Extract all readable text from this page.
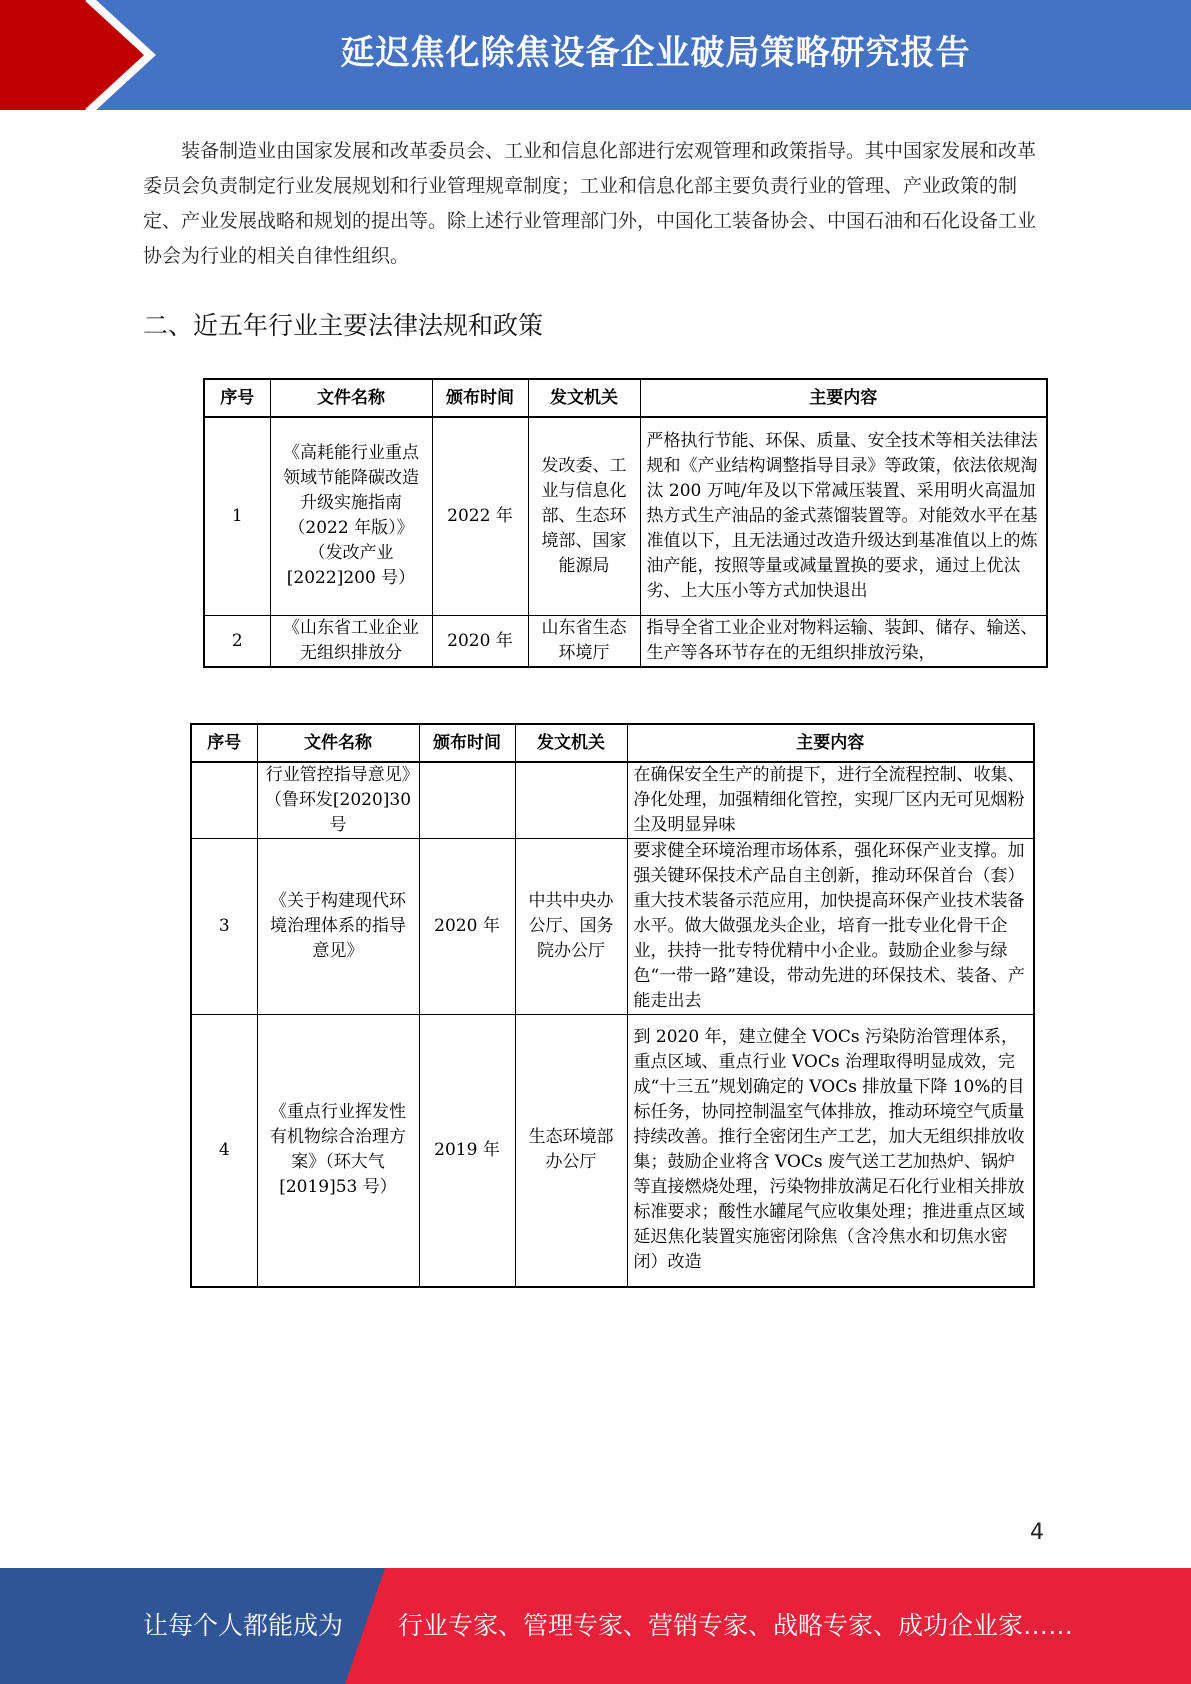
延迟焦化除焦设备企业破局策略研究报告

装备制造业由国家发展和改革委员会、工业和信息化部进行宏观管理和政策指导。其中国家发展和改革委员会负责制定行业发展规划和行业管理规章制度；工业和信息化部主要负责行业的管理、产业政策的制定、产业发展战略和规划的提出等。除上述行业管理部门外，中国化工装备协会、中国石油和石化设备工业协会为行业的相关自律性组织。

二、近五年行业主要法律法规和政策
序号	文件名称	颁布时间	发文机关	主要内容
1	《高耗能行业重点领域节能降碳改造升级实施指南（2022 年版）》（发改产业[2022]200 号）	2022 年	发改委、工业与信息化部、生态环境部、国家能源局	严格执行节能、环保、质量、安全技术等相关法律法规和《产业结构调整指导目录》等政策，依法依规淘汰 200 万吨/年及以下常减压装置、采用明火高温加热方式生产油品的釜式蒸馏装置等。对能效水平在基准值以下，且无法通过改造升级达到基准值以上的炼油产能，按照等量或减量置换的要求，通过上优汰劣、上大压小等方式加快退出

2	《山东省工业企业无组织排放分	2020 年	山东省生态环境厅	指导全省工业企业对物料运输、装卸、储存、输送、生产等各环节存在的无组织排放污染，
序号	文件名称	颁布时间	发文机关	主要内容
	行业管控指导意见》（鲁环发[2020]30 号			在确保安全生产的前提下，进行全流程控制、收集、净化处理，加强精细化管控，实现厂区内无可见烟粉尘及明显异味
3	《关于构建现代环境治理体系的指导意见》	2020 年	中共中央办公厅、国务院办公厅	要求健全环境治理市场体系，强化环保产业支撑。加强关键环保技术产品自主创新，推动环保首台（套）重大技术装备示范应用，加快提高环保产业技术装备水平。做大做强龙头企业，培育一批专业化骨干企业，扶持一批专特优精中小企业。鼓励企业参与绿色“一带一路”建设，带动先进的环保技术、装备、产能走出去
4	《重点行业挥发性有机物综合治理方案》（环大气[2019]53 号）	2019 年	生态环境部办公厅	到 2020 年，建立健全 VOCs 污染防治管理体系，重点区域、重点行业 VOCs 治理取得明显成效，完成“十三五”规划确定的 VOCs 排放量下降 10%的目标任务，协同控制温室气体排放，推动环境空气质量持续改善。推行全密闭生产工艺，加大无组织排放收集；鼓励企业将含 VOCs 废气送工艺加热炉、锅炉等直接燃烧处理，污染物排放满足石化行业相关排放标准要求；酸性水罐尾气应收集处理；推进重点区域延迟焦化装置实施密闭除焦（含冷焦水和切焦水密闭）改造
4
让每个人都能成为 行业专家、管理专家、营销专家、战略专家、成功企业家……
